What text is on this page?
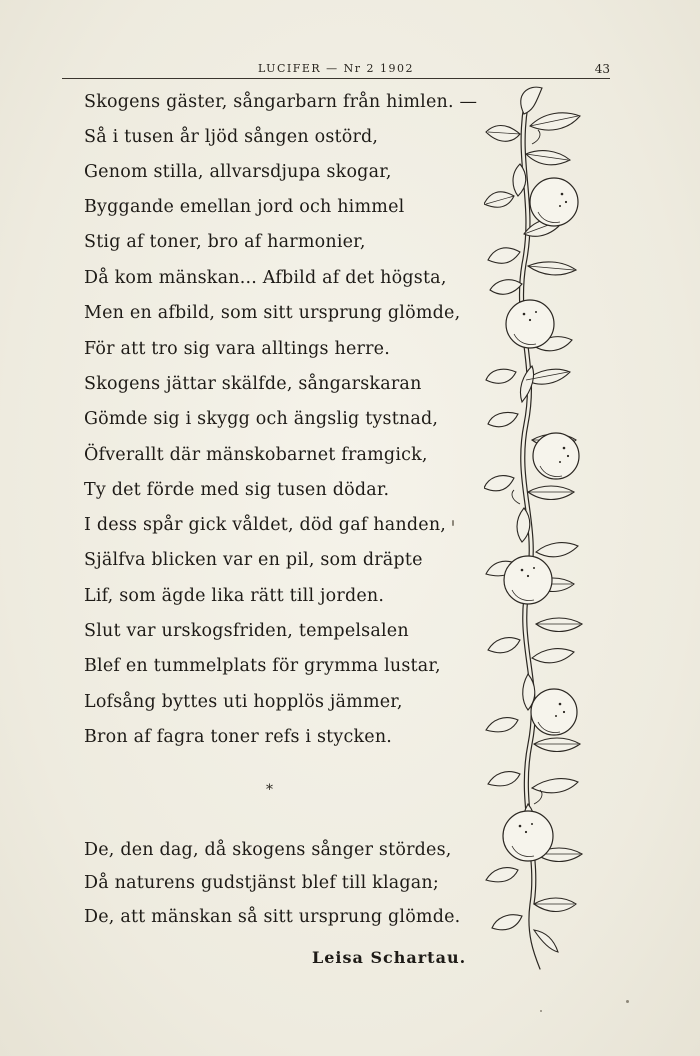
LUCIFER — Nr 2 1902	43
Skogens gäster, sångarbarn från himlen. —
Så i tusen år ljöd sången ostörd,
Genom stilla, allvarsdjupa skogar,
Byggande emellan jord och himmel
Stig af toner, bro af harmonier,
Då kom mänskan... Afbild af det högsta,
Men en afbild, som sitt ursprung glömde,
För att tro sig vara alltings herre.
Skogens jättar skälfde, sångarskaran
Gömde sig i skygg och ängslig tystnad,
Öfverallt där mänskobarnet framgick,
Ty det förde med sig tusen dödar.
I dess spår gick våldet, död gaf handen,
Själfva blicken var en pil, som dräpte
Lif, som ägde lika rätt till jorden.
Slut var urskogsfriden, tempelsalen
Blef en tummelplats för grymma lustar,
Lofsång byttes uti hopplös jämmer,
Bron af fagra toner refs i stycken.
*
De, den dag, då skogens sånger stördes,
Då naturens gudstjänst blef till klagan;
De, att mänskan så sitt ursprung glömde.
Leisa Schartau.
